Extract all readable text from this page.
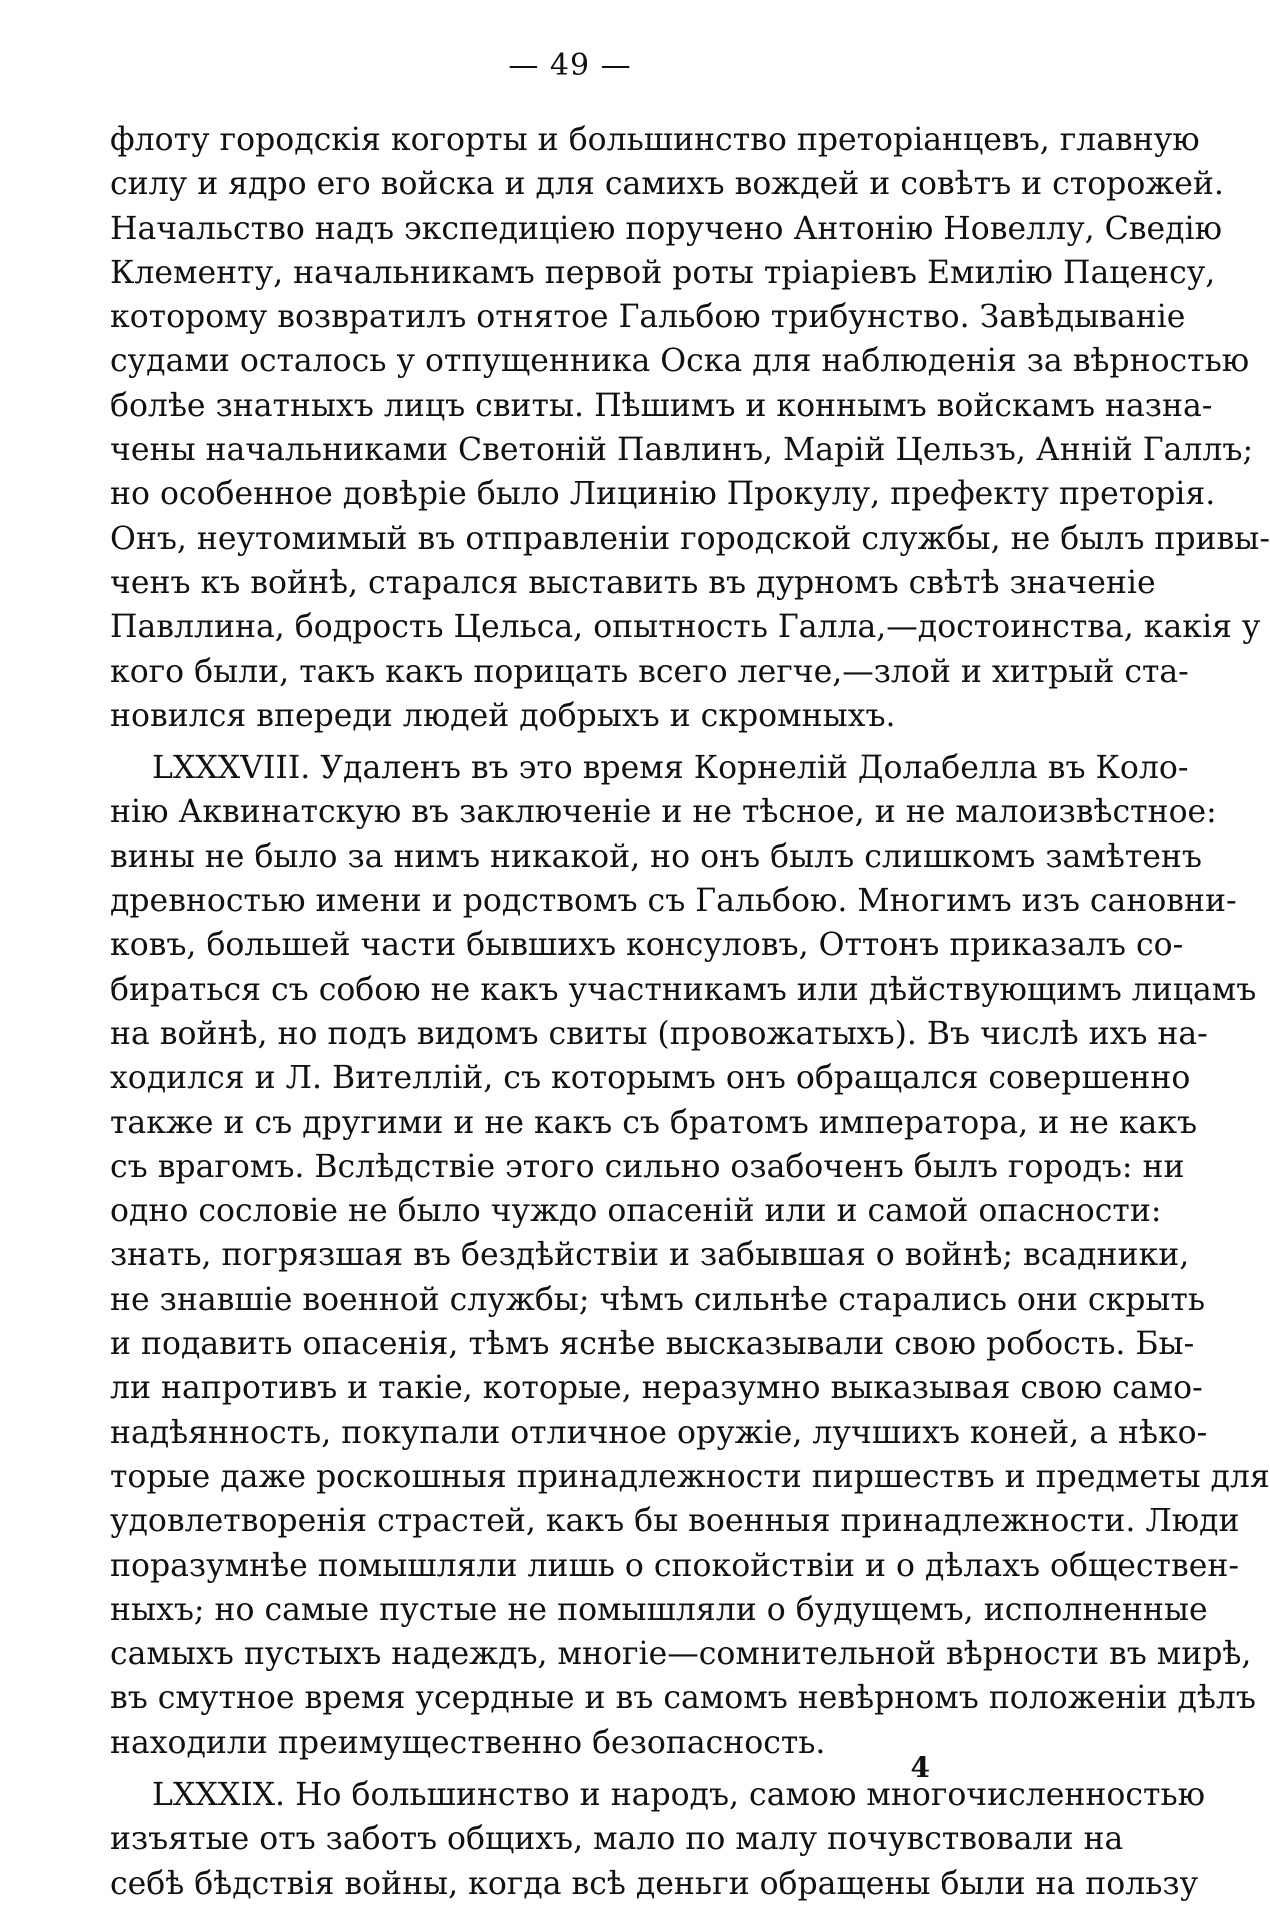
— 49 —
флоту городскія когорты и большинство преторіанцевъ, главную
силу и ядро его войска и для самихъ вождей и совѣтъ и сторожей.
Начальство надъ экспедиціею поручено Антонію Новеллу, Сведію
Клементу, начальникамъ первой роты тріаріевъ Емилію Паценсу,
которому возвратилъ отнятое Гальбою трибунство. Завѣдываніе
судами осталось у отпущенника Оска для наблюденія за вѣрностью
болѣе знатныхъ лицъ свиты. Пѣшимъ и коннымъ войскамъ назна-
чены начальниками Светоній Павлинъ, Марій Цельзъ, Анній Галлъ;
но особенное довѣріе было Лицинію Прокулу, префекту преторія.
Онъ, неутомимый въ отправленіи городской службы, не былъ привы-
ченъ къ войнѣ, старался выставить въ дурномъ свѣтѣ значеніе
Павллина, бодрость Цельса, опытность Галла,—достоинства, какія у
кого были, такъ какъ порицать всего легче,—злой и хитрый ста-
новился впереди людей добрыхъ и скромныхъ.
LXXXVIII. Удаленъ въ это время Корнелій Долабелла въ Коло-
нію Аквинатскую въ заключеніе и не тѣсное, и не малоизвѣстное:
вины не было за нимъ никакой, но онъ былъ слишкомъ замѣтенъ
древностью имени и родствомъ съ Гальбою. Многимъ изъ сановни-
ковъ, большей части бывшихъ консуловъ, Оттонъ приказалъ со-
бираться съ собою не какъ участникамъ или дѣйствующимъ лицамъ
на войнѣ, но подъ видомъ свиты (провожатыхъ). Въ числѣ ихъ на-
ходился и Л. Вителлій, съ которымъ онъ обращался совершенно
также и съ другими и не какъ съ братомъ императора, и не какъ
съ врагомъ. Вслѣдствіе этого сильно озабоченъ былъ городъ: ни
одно сословіе не было чуждо опасеній или и самой опасности:
знать, погрязшая въ бездѣйствіи и забывшая о войнѣ; всадники,
не знавшіе военной службы; чѣмъ сильнѣе старались они скрыть
и подавить опасенія, тѣмъ яснѣе высказывали свою робость. Бы-
ли напротивъ и такіе, которые, неразумно выказывая свою само-
надѣянность, покупали отличное оружіе, лучшихъ коней, а нѣко-
торые даже роскошныя принадлежности пиршествъ и предметы для
удовлетворенія страстей, какъ бы военныя принадлежности. Люди
поразумнѣе помышляли лишь о спокойствіи и о дѣлахъ обществен-
ныхъ; но самые пустые не помышляли о будущемъ, исполненные
самыхъ пустыхъ надеждъ, многіе—сомнительной вѣрности въ мирѣ,
въ смутное время усердные и въ самомъ невѣрномъ положеніи дѣлъ
находили преимущественно безопасность.
LXXXIX. Но большинство и народъ, самою многочисленностью
изъятые отъ заботъ общихъ, мало по малу почувствовали на
себѣ бѣдствія войны, когда всѣ деньги обращены были на пользу
4
